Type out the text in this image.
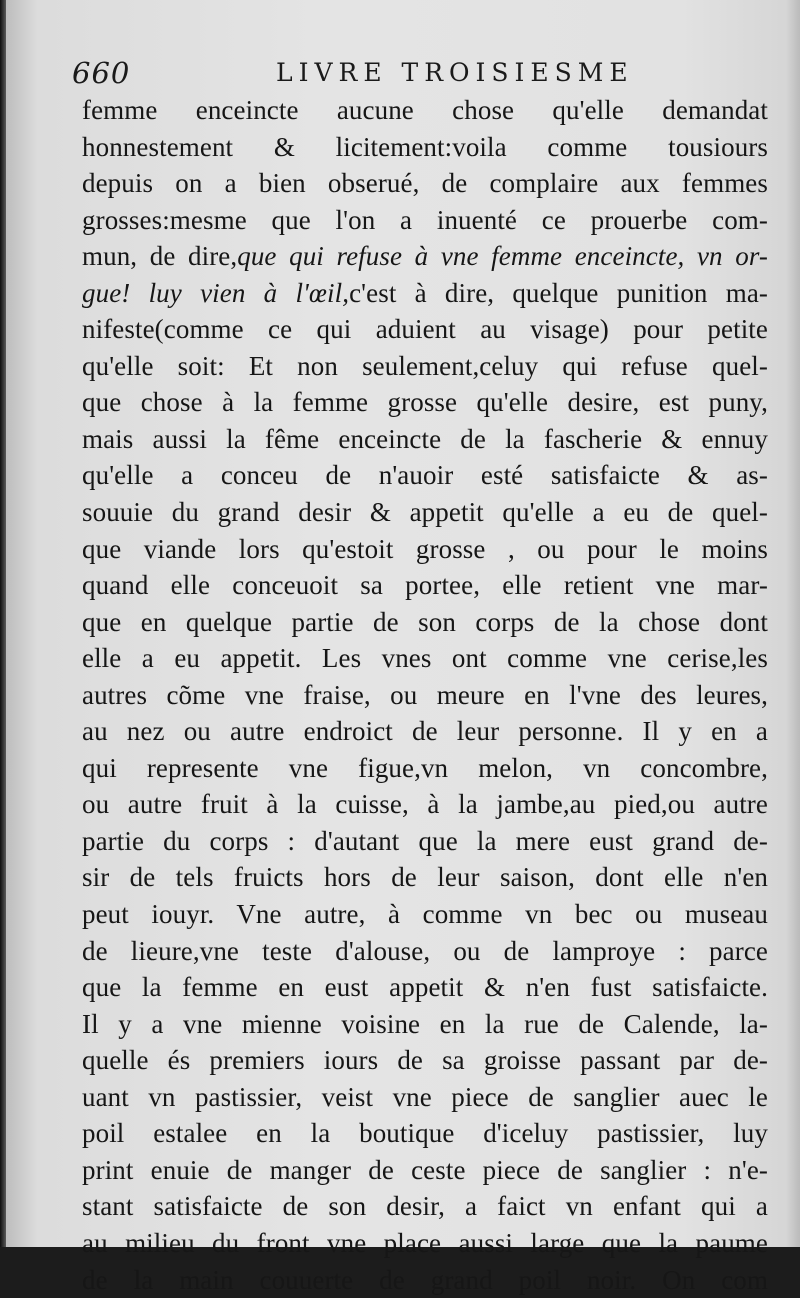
660	LIVRE TROISIESME
femme enceincte aucune chose qu'elle demandat
honnestement & licitement:voila comme tousiours
depuis on a bien obserué, de complaire aux femmes
grosses:mesme que l'on a inuenté ce prouerbe com-
mun, de dire,que qui refuse à vne femme enceincte, vn or-
gue! luy vien à l'œil,c'est à dire, quelque punition ma-
nifeste(comme ce qui aduient au visage) pour petite
qu'elle soit: Et non seulement,celuy qui refuse quel-
que chose à la femme grosse qu'elle desire, est puny,
mais aussi la fême enceincte de la fascherie & ennuy
qu'elle a conceu de n'auoir esté satisfaicte & as-
souuie du grand desir & appetit qu'elle a eu de quel-
que viande lors qu'estoit grosse , ou pour le moins
quand elle conceuoit sa portee, elle retient vne mar-
que en quelque partie de son corps de la chose dont
elle a eu appetit. Les vnes ont comme vne cerise,les
autres cõme vne fraise, ou meure en l'vne des leures,
au nez ou autre endroict de leur personne. Il y en a
qui represente vne figue,vn melon, vn concombre,
ou autre fruit à la cuisse, à la jambe,au pied,ou autre
partie du corps : d'autant que la mere eust grand de-
sir de tels fruicts hors de leur saison, dont elle n'en
peut iouyr. Vne autre, à comme vn bec ou museau
de lieure,vne teste d'alouse, ou de lamproye : parce
que la femme en eust appetit & n'en fust satisfaicte.
Il y a vne mienne voisine en la rue de Calende, la-
quelle és premiers iours de sa groisse passant par de-
uant vn pastissier, veist vne piece de sanglier auec le
poil estalee en la boutique d'iceluy pastissier, luy
print enuie de manger de ceste piece de sanglier : n'e-
stant satisfaicte de son desir, a faict vn enfant qui a
au milieu du front vne place aussi large que la paume
de la main couuerte de grand poil noir. On com
